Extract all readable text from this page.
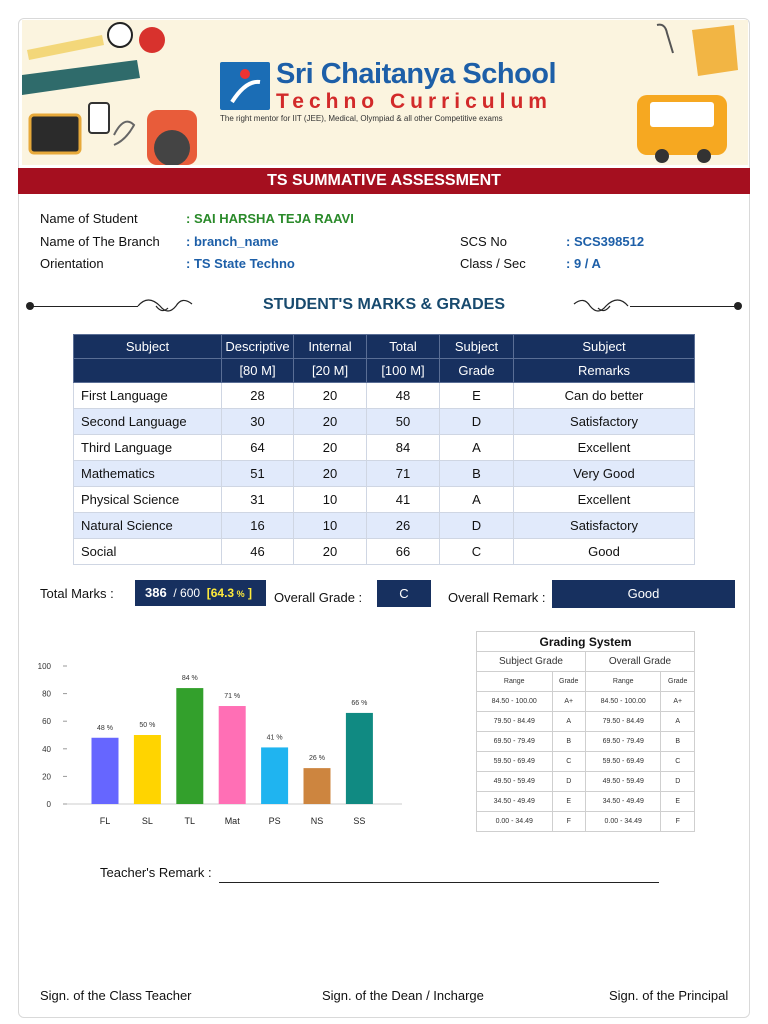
Sri Chaitanya School
Techno Curriculum
The right mentor for IIT (JEE), Medical, Olympiad & all other Competitive exams
TS SUMMATIVE ASSESSMENT
Name of Student	: SAI HARSHA TEJA RAAVI
Name of The Branch : branch_name
Orientation	: TS State Techno
SCS No	: SCS398512
Class / Sec	: 9 / A
STUDENT'S MARKS & GRADES
Subject	Descriptive	Internal	Total	Subject	Subject
	[80 M]	[20 M]	[100 M]	Grade	Remarks
First Language	28	20	48	E	Can do better
Second Language	30	20	50	D	Satisfactory
Third Language	64	20	84	A	Excellent
Mathematics	51	20	71	B	Very Good
Physical Science	31	10	41	A	Excellent
Natural Science	16	10	26	D	Satisfactory
Social	46	20	66	C	Good
Total Marks :	386 / 600 [64.3 % ]	Overall Grade :	C	Overall Remark :	Good
0
20
40
60
80
100
48 %
FL
50 %
SL
84 %
TL
71 %
Mat
41 %
PS
26 %
NS
66 %
SS
Grading System			
Subject Grade		Overall Grade	
Range	Grade	Range	Grade
84.50 - 100.00	A+	84.50 - 100.00	A+
79.50 - 84.49	A	79.50 - 84.49	A
69.50 - 79.49	B	69.50 - 79.49	B
59.50 - 69.49	C	59.50 - 69.49	C
49.50 - 59.49	D	49.50 - 59.49	D
34.50 - 49.49	E	34.50 - 49.49	E
0.00 - 34.49	F	0.00 - 34.49	F
Teacher's Remark :
Sign. of the Class Teacher	Sign. of the Dean / Incharge	Sign. of the Principal
